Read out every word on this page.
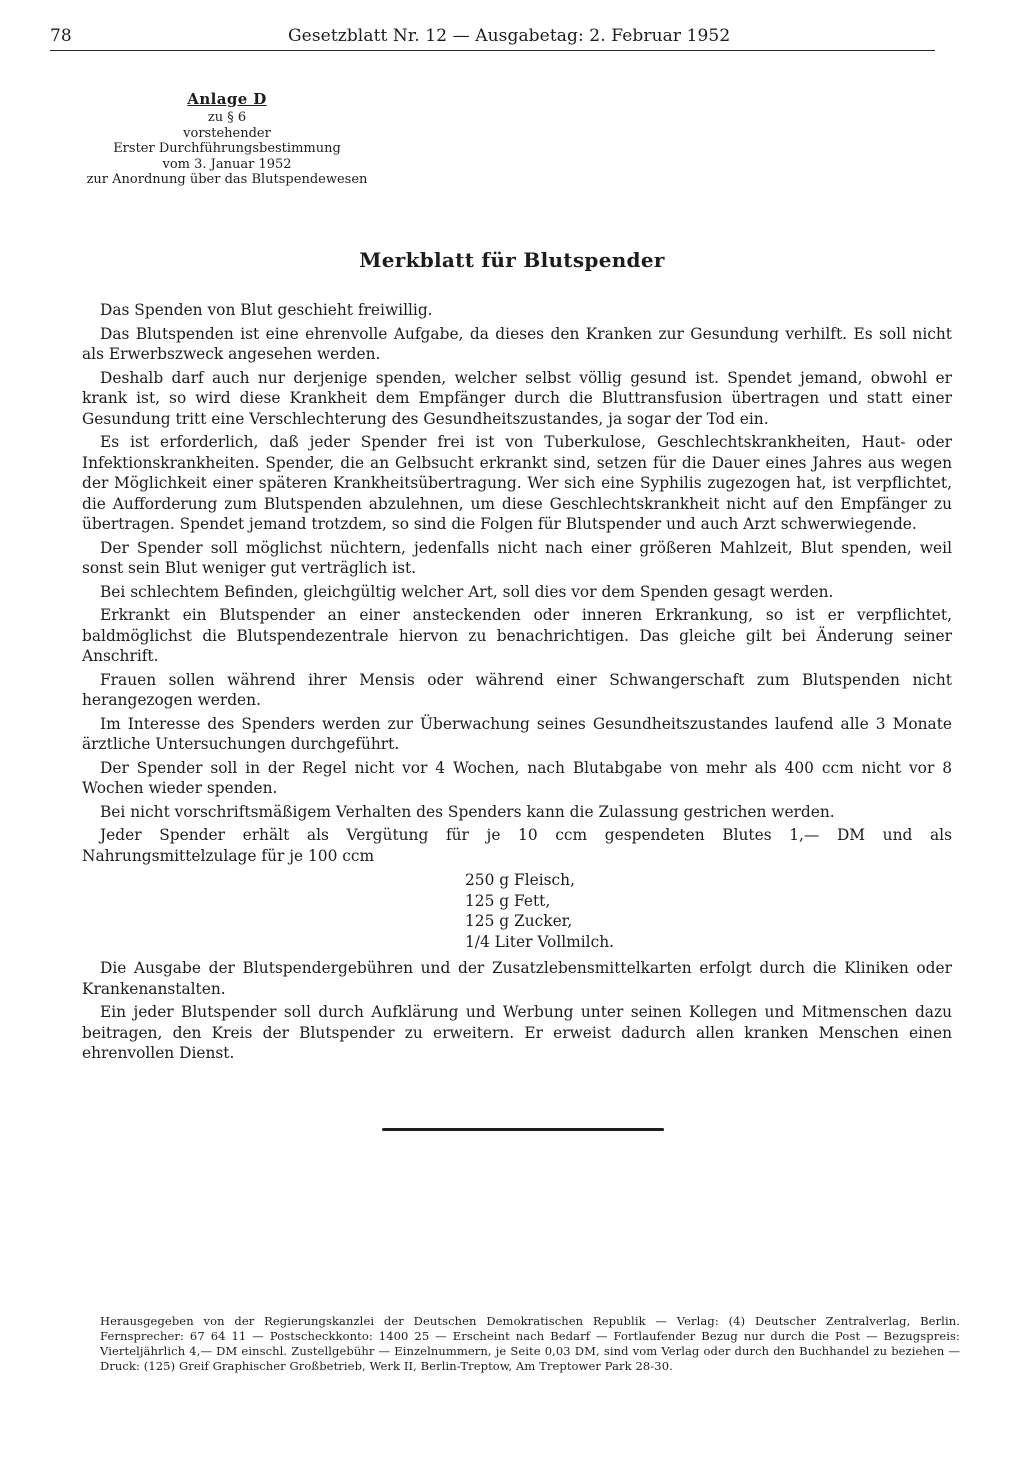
78	Gesetzblatt Nr. 12 — Ausgabetag: 2. Februar 1952
Anlage D
zu § 6
vorstehender
Erster Durchführungsbestimmung
vom 3. Januar 1952
zur Anordnung über das Blutspendewesen
Merkblatt für Blutspender

Das Spenden von Blut geschieht freiwillig.

Das Blutspenden ist eine ehrenvolle Aufgabe, da dieses den Kranken zur Gesundung verhilft. Es soll nicht als Erwerbszweck angesehen werden.

Deshalb darf auch nur derjenige spenden, welcher selbst völlig gesund ist. Spendet jemand, obwohl er krank ist, so wird diese Krankheit dem Empfänger durch die Bluttransfusion übertragen und statt einer Gesundung tritt eine Verschlechterung des Gesundheitszustandes, ja sogar der Tod ein.

Es ist erforderlich, daß jeder Spender frei ist von Tuberkulose, Geschlechtskrankheiten, Haut- oder Infektionskrankheiten. Spender, die an Gelbsucht erkrankt sind, setzen für die Dauer eines Jahres aus wegen der Möglichkeit einer späteren Krankheitsübertragung. Wer sich eine Syphilis zugezogen hat, ist verpflichtet, die Aufforderung zum Blutspenden abzulehnen, um diese Geschlechtskrankheit nicht auf den Empfänger zu übertragen. Spendet jemand trotzdem, so sind die Folgen für Blutspender und auch Arzt schwerwiegende.

Der Spender soll möglichst nüchtern, jedenfalls nicht nach einer größeren Mahlzeit, Blut spenden, weil sonst sein Blut weniger gut verträglich ist.

Bei schlechtem Befinden, gleichgültig welcher Art, soll dies vor dem Spenden gesagt werden.

Erkrankt ein Blutspender an einer ansteckenden oder inneren Erkrankung, so ist er verpflichtet, baldmöglichst die Blutspendezentrale hiervon zu benachrichtigen. Das gleiche gilt bei Änderung seiner Anschrift.

Frauen sollen während ihrer Mensis oder während einer Schwangerschaft zum Blutspenden nicht herangezogen werden.

Im Interesse des Spenders werden zur Überwachung seines Gesundheitszustandes laufend alle 3 Monate ärztliche Untersuchungen durchgeführt.

Der Spender soll in der Regel nicht vor 4 Wochen, nach Blutabgabe von mehr als 400 ccm nicht vor 8 Wochen wieder spenden.

Bei nicht vorschriftsmäßigem Verhalten des Spenders kann die Zulassung gestrichen werden.

Jeder Spender erhält als Vergütung für je 10 ccm gespendeten Blutes 1,— DM und als Nahrungsmittelzulage für je 100 ccm

250 g Fleisch,
125 g Fett,
125 g Zucker,
1/4 Liter Vollmilch.

Die Ausgabe der Blutspendergebühren und der Zusatzlebensmittelkarten erfolgt durch die Kliniken oder Krankenanstalten.

Ein jeder Blutspender soll durch Aufklärung und Werbung unter seinen Kollegen und Mitmenschen dazu beitragen, den Kreis der Blutspender zu erweitern. Er erweist dadurch allen kranken Menschen einen ehrenvollen Dienst.

Herausgegeben von der Regierungskanzlei der Deutschen Demokratischen Republik — Verlag: (4) Deutscher Zentralverlag, Berlin. Fernsprecher: 67 64 11 — Postscheckkonto: 1400 25 — Erscheint nach Bedarf — Fortlaufender Bezug nur durch die Post — Bezugspreis: Vierteljährlich 4,— DM einschl. Zustellgebühr — Einzelnummern, je Seite 0,03 DM, sind vom Verlag oder durch den Buchhandel zu beziehen — Druck: (125) Greif Graphischer Großbetrieb, Werk II, Berlin-Treptow, Am Treptower Park 28-30.
